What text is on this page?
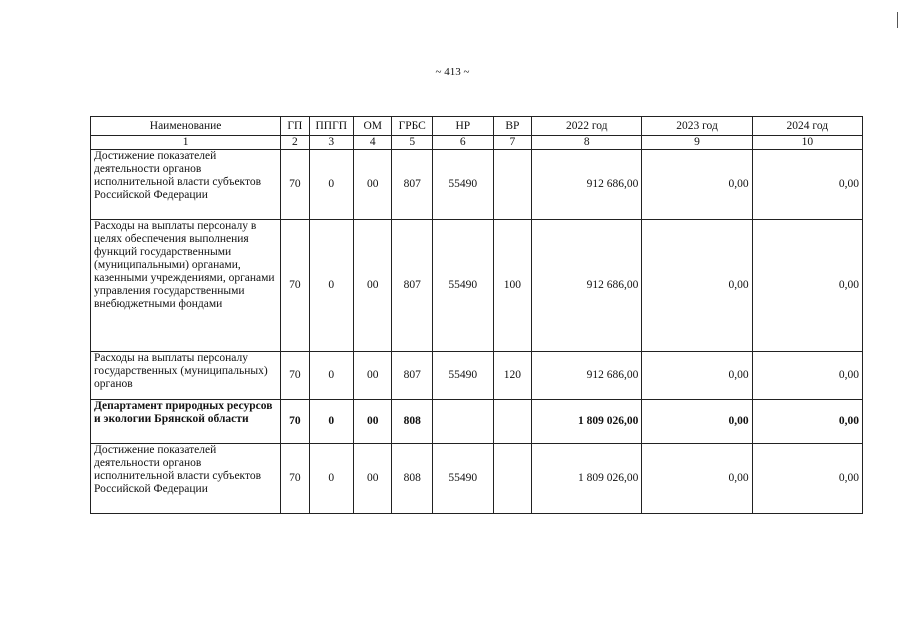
~ 413 ~
Наименование	ГП	ППГП	ОМ	ГРБС	НР	ВР	2022 год	2023 год	2024 год
1	2	3	4	5	6	7	8	9	10
Достижение показателей деятельности органов исполнительной власти субъектов Российской Федерации	70	0	00	807	55490		912 686,00	0,00	0,00
Расходы на выплаты персоналу в целях обеспечения выполнения функций государственными (муниципальными) органами, казенными учреждениями, органами управления государственными внебюджетными фондами	70	0	00	807	55490	100	912 686,00	0,00	0,00
Расходы на выплаты персоналу государственных (муниципальных) органов	70	0	00	807	55490	120	912 686,00	0,00	0,00
Департамент природных ресурсов и экологии Брянской области	70	0	00	808			1 809 026,00	0,00	0,00
Достижение показателей деятельности органов исполнительной власти субъектов Российской Федерации	70	0	00	808	55490		1 809 026,00	0,00	0,00
